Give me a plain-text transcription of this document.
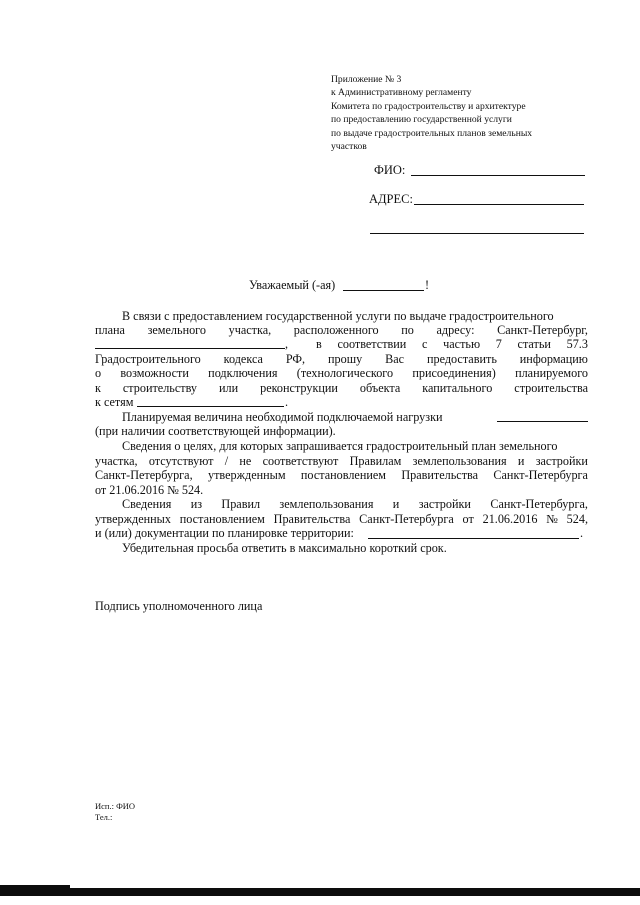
Приложение № 3
к Административному регламенту
Комитета по градостроительству и архитектуре
по предоставлению государственной услуги
по выдаче градостроительных планов земельных
участков
ФИО:
АДРЕС:
Уважаемый (-ая)	!
В связи с предоставлением государственной услуги по выдаче градостроительного
плана земельного участка, расположенного по адресу: Санкт-Петербург,
, в соответствии с частью 7 статьи 57.3
Градостроительного кодекса РФ, прошу Вас предоставить информацию
о возможности подключения (технологического присоединения) планируемого
к строительству или реконструкции объекта капитального строительства
к сетям	.
Планируемая величина необходимой подключаемой нагрузки
(при наличии соответствующей информации).
Сведения о целях, для которых запрашивается градостроительный план земельного
участка, отсутствуют / не соответствуют Правилам землепользования и застройки
Санкт-Петербурга, утвержденным постановлением Правительства Санкт-Петербурга
от 21.06.2016 № 524.
Сведения из Правил землепользования и застройки Санкт-Петербурга,
утвержденных постановлением Правительства Санкт-Петербурга от 21.06.2016 № 524,
и (или) документации по планировке территории:	.
Убедительная просьба ответить в максимально короткий срок.
Подпись уполномоченного лица
Исп.: ФИО
Тел.:
